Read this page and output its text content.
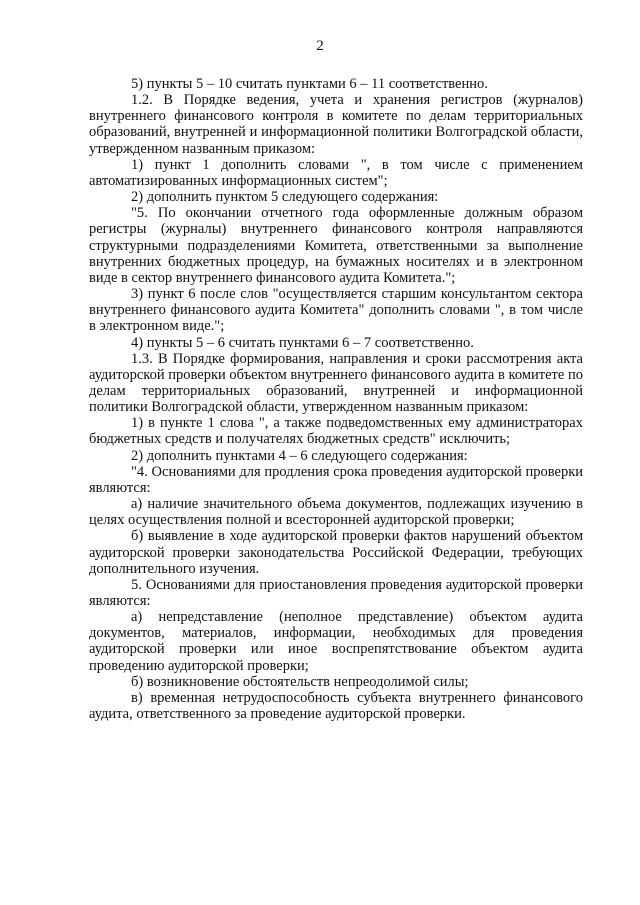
2

5) пункты 5 – 10 считать пунктами 6 – 11 соответственно.

1.2. В Порядке ведения, учета и хранения регистров (журналов) внутреннего финансового контроля в комитете по делам территориальных образований, внутренней и информационной политики Волгоградской области, утвержденном названным приказом:

1) пункт 1 дополнить словами ", в том числе с применением автоматизированных информационных систем";

2) дополнить пунктом 5 следующего содержания:

"5. По окончании отчетного года оформленные должным образом регистры (журналы) внутреннего финансового контроля направляются структурными подразделениями Комитета, ответственными за выполнение внутренних бюджетных процедур, на бумажных носителях и в электронном виде в сектор внутреннего финансового аудита Комитета.";

3) пункт 6 после слов "осуществляется старшим консультантом сектора внутреннего финансового аудита Комитета" дополнить словами ", в том числе в электронном виде.";

4) пункты 5 – 6 считать пунктами 6 – 7 соответственно.

1.3. В Порядке формирования, направления и сроки рассмотрения акта аудиторской проверки объектом внутреннего финансового аудита в комитете по делам территориальных образований, внутренней и информационной политики Волгоградской области, утвержденном названным приказом:

1) в пункте 1 слова ", а также подведомственных ему администраторах бюджетных средств и получателях бюджетных средств" исключить;

2) дополнить пунктами 4 – 6 следующего содержания:

"4. Основаниями для продления срока проведения аудиторской проверки являются:

а) наличие значительного объема документов, подлежащих изучению в целях осуществления полной и всесторонней аудиторской проверки;

б) выявление в ходе аудиторской проверки фактов нарушений объектом аудиторской проверки законодательства Российской Федерации, требующих дополнительного изучения.

5. Основаниями для приостановления проведения аудиторской проверки являются:

а) непредставление (неполное представление) объектом аудита документов, материалов, информации, необходимых для проведения аудиторской проверки или иное воспрепятствование объектом аудита проведению аудиторской проверки;

б) возникновение обстоятельств непреодолимой силы;

в) временная нетрудоспособность субъекта внутреннего финансового аудита, ответственного за проведение аудиторской проверки.
